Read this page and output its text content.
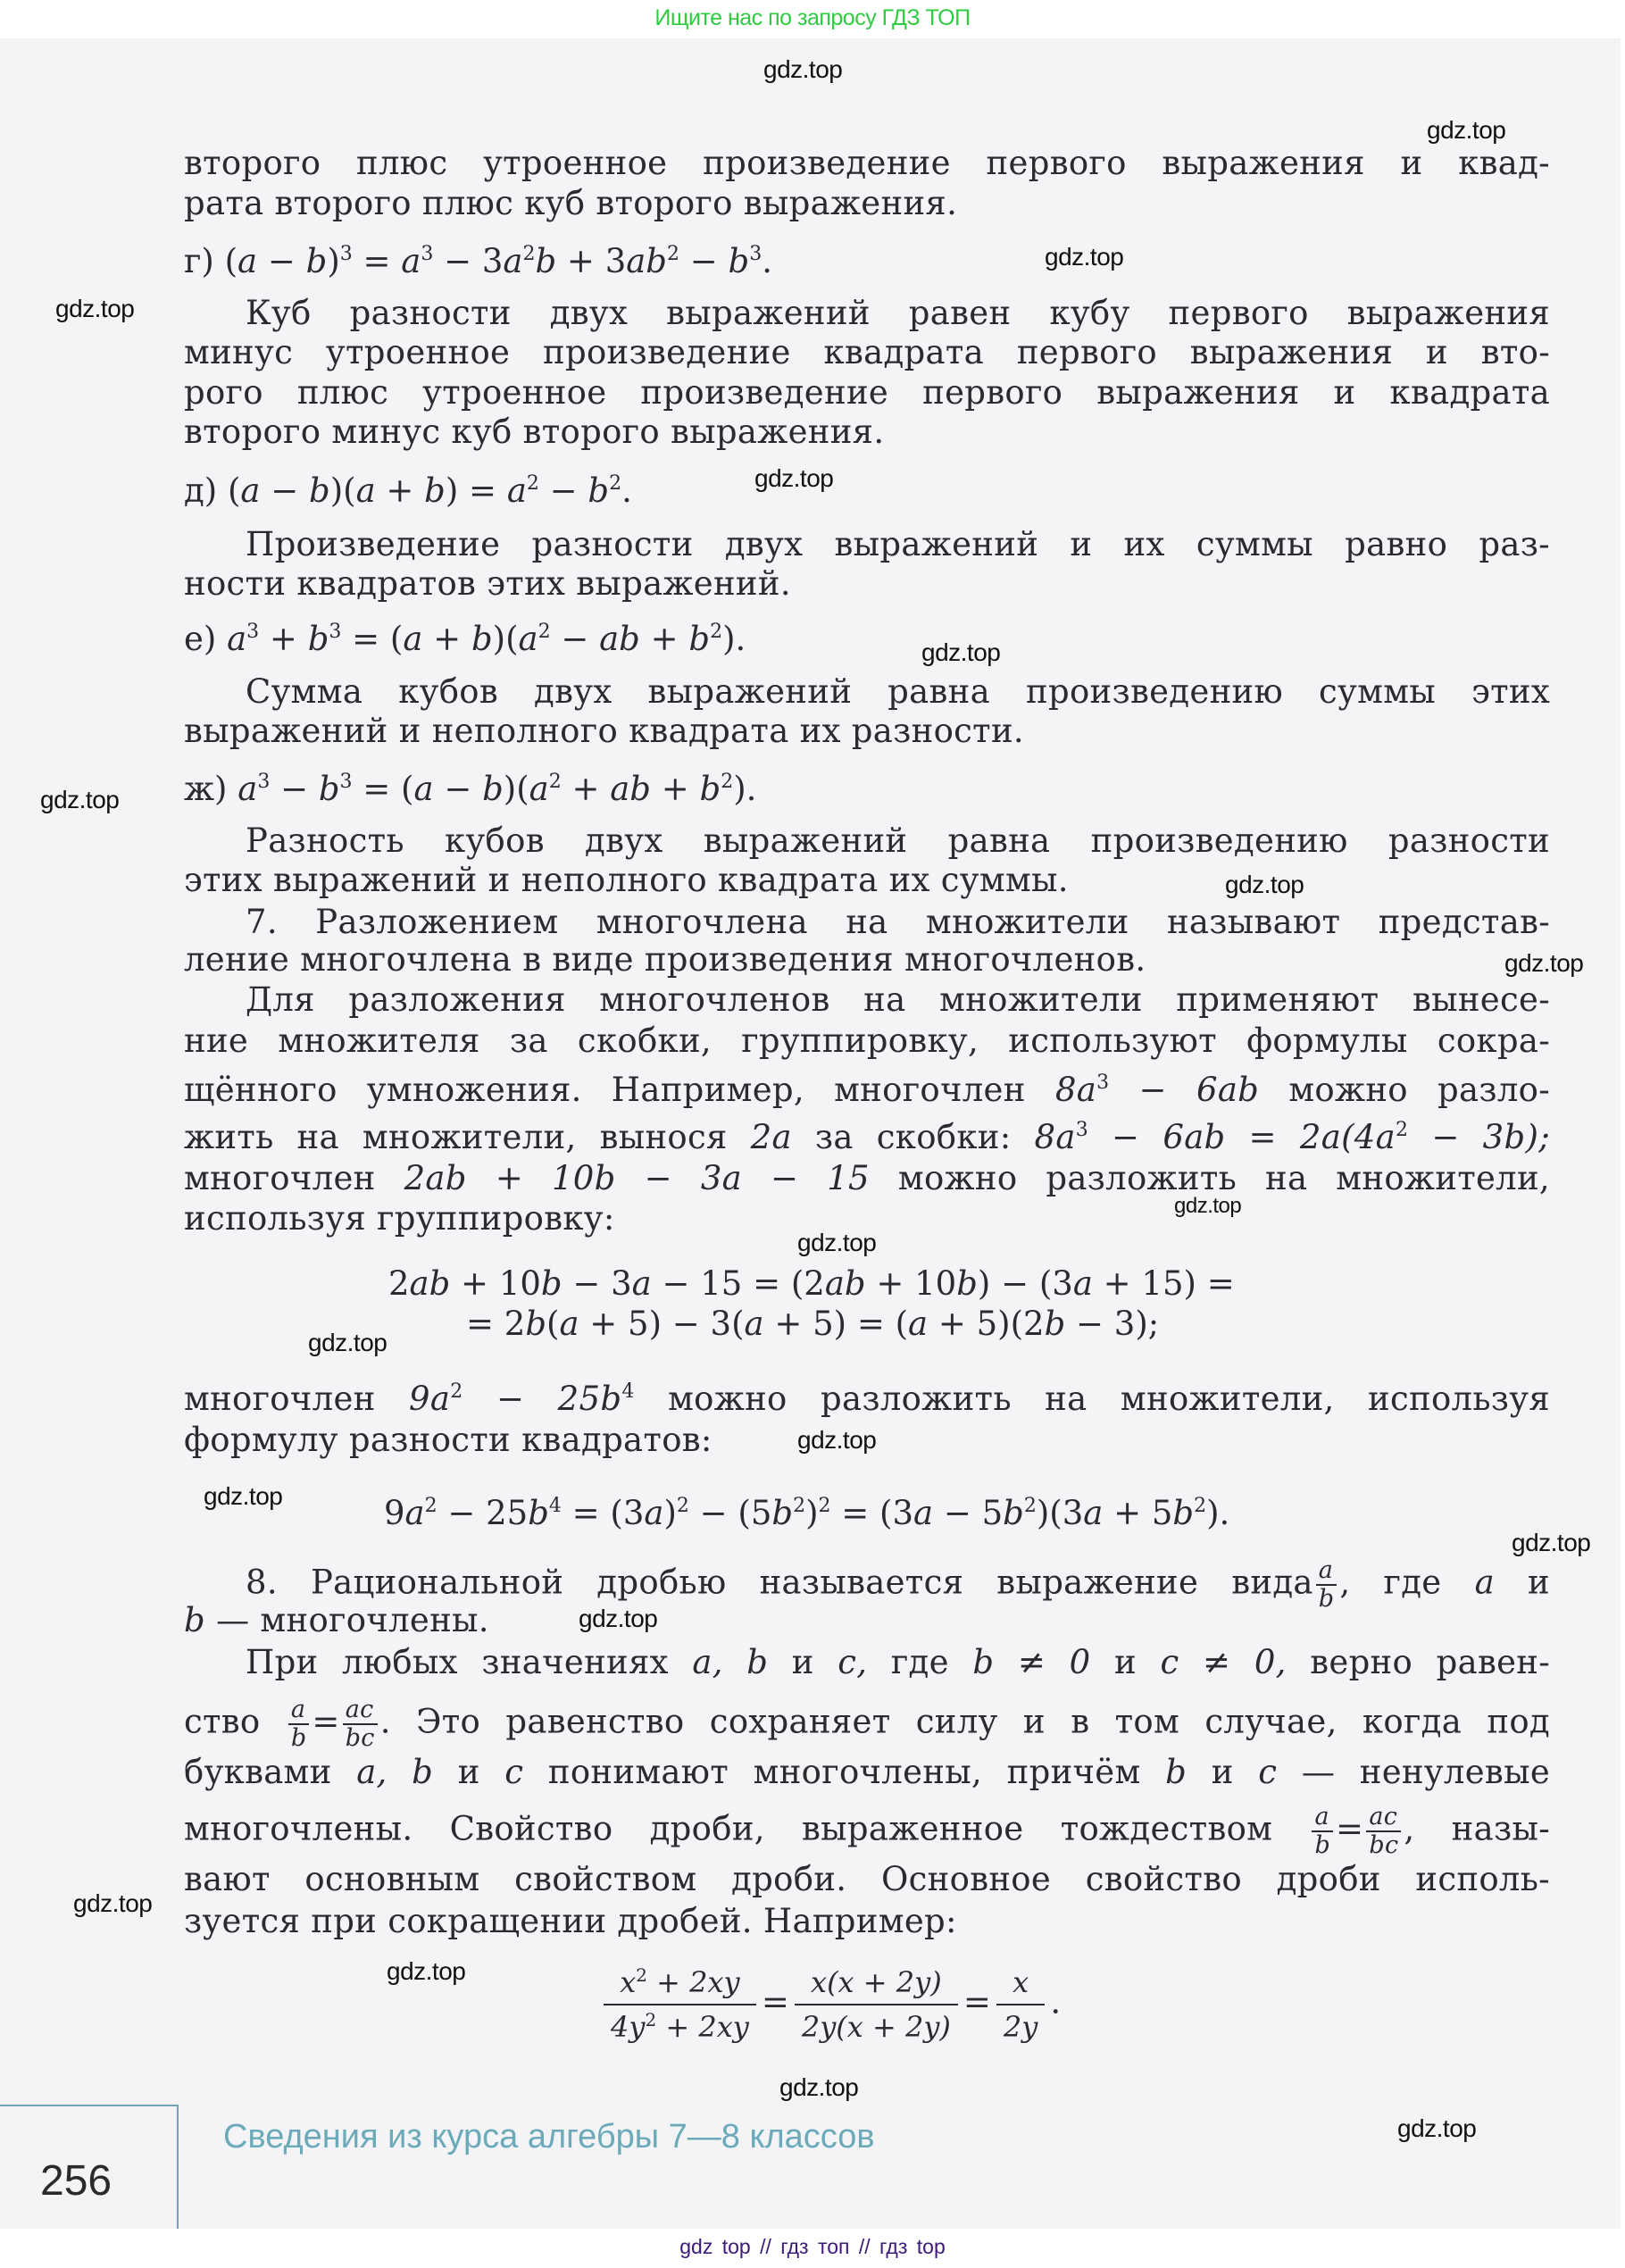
Ищите нас по запросу ГДЗ ТОП
gdz.top
gdz.top
gdz.top
gdz.top
gdz.top
gdz.top
gdz.top
gdz.top
gdz.top
gdz.top
gdz.top
gdz.top
gdz.top
gdz.top
gdz.top
gdz.top
gdz.top
gdz.top
gdz.top
gdz.top
второго плюс утроенное произведение первого выражения и квад-
рата второго плюс куб второго выражения.
г) $(a - b)^3 = a^3 - 3a^2b + 3ab^2 - b^3$.
Куб разности двух выражений равен кубу первого выражения
минус утроенное произведение квадрата первого выражения и вто-
рого плюс утроенное произведение первого выражения и квадрата
второго минус куб второго выражения.
д) $(a - b)(a + b) = a^2 - b^2$.
Произведение разности двух выражений и их суммы равно раз-
ности квадратов этих выражений.
е) $a^3 + b^3 = (a + b)(a^2$ − ab + $b^2$).
Сумма кубов двух выражений равна произведению суммы этих
выражений и неполного квадрата их разности.
ж) $a^3 - b^3 = (a - b)(a^2$ + ab + $b^2$).
Разность кубов двух выражений равна произведению разности
этих выражений и неполного квадрата их суммы.
7. Разложением многочлена на множители называют представ-
ление многочлена в виде произведения многочленов.
Для разложения многочленов на множители применяют вынесе-
ние множителя за скобки, группировку, используют формулы сокра-
щённого умножения. Например, многочлен $8a^3 - 6ab$ можно разло-
жить на множители, вынося 2a за скобки: $8a^3 - 6ab = 2a(4a^2 - 3b)$;
многочлен 2ab + 10b − 3a − 15 можно разложить на множители,
используя группировку:
2ab + 10b − 3a − 15 = (2ab + 10b) − (3a + 15) =
= 2b(a + 5) − 3(a + 5) = (a + 5)(2b − 3);
многочлен $9a^2 - 25b^4$ можно разложить на множители, используя
формулу разности квадратов:
$9a^2 - 25b^4 = (3a)^2 - (5b^2)^2 = (3a - 5b^2)(3a + 5b^2)$.
8. Рациональной дробью называется выражение вида $\frac{a}{b}$ , где a и
b — многочлены.
При любых значениях a, b и c, где b ≠ 0 и c ≠ 0, верно равен-
ство $\frac{a}{b} = \frac{ac}{bc}$ . Это равенство сохраняет силу и в том случае, когда под
буквами a, b и c понимают многочлены, причём b и c — ненулевые
многочлены. Свойство дроби, выраженное тождеством $\frac{a}{b} = \frac{ac}{bc}$ , назы-
вают основным свойством дроби. Основное свойство дроби исполь-
зуется при сокращении дробей. Например:
$\frac{x^2 + 2xy}{4y^2 + 2xy} = \frac{x(x + 2y)}{2y(x + 2y)} = \frac{x}{2y}$ .
256
Сведения из курса алгебры 7—8 классов
gdz top // гдз топ // гдз top
